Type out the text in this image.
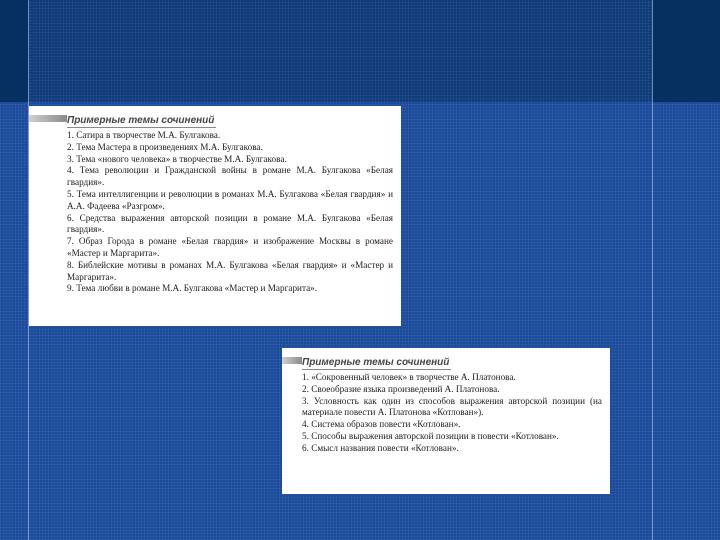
Примерные темы сочинений

1. Сатира в творчестве М.А. Булгакова.
2. Тема Мастера в произведениях М.А. Булгакова.
3. Тема «нового человека» в творчестве М.А. Булгакова.
4. Тема революции и Гражданской войны в романе М.А. Булгакова «Белая гвардия».
5. Тема интеллигенции и революции в романах М.А. Булгакова «Белая гвардия» и А.А. Фадеева «Разгром».
6. Средства выражения авторской позиции в романе М.А. Булгакова «Белая гвардия».
7. Образ Города в романе «Белая гвардия» и изображение Москвы в романе «Мастер и Маргарита».
8. Библейские мотивы в романах М.А. Булгакова «Белая гвардия» и «Мастер и Маргарита».
9. Тема любви в романе М.А. Булгакова «Мастер и Маргарита».

Примерные темы сочинений

1. «Сокровенный человек» в творчестве А. Платонова.
2. Своеобразие языка произведений А. Платонова.
3. Условность как один из способов выражения авторской позиции (на материале повести А. Платонова «Котлован»).
4. Система образов повести «Котлован».
5. Способы выражения авторской позиции в повести «Котлован».
6. Смысл названия повести «Котлован».
